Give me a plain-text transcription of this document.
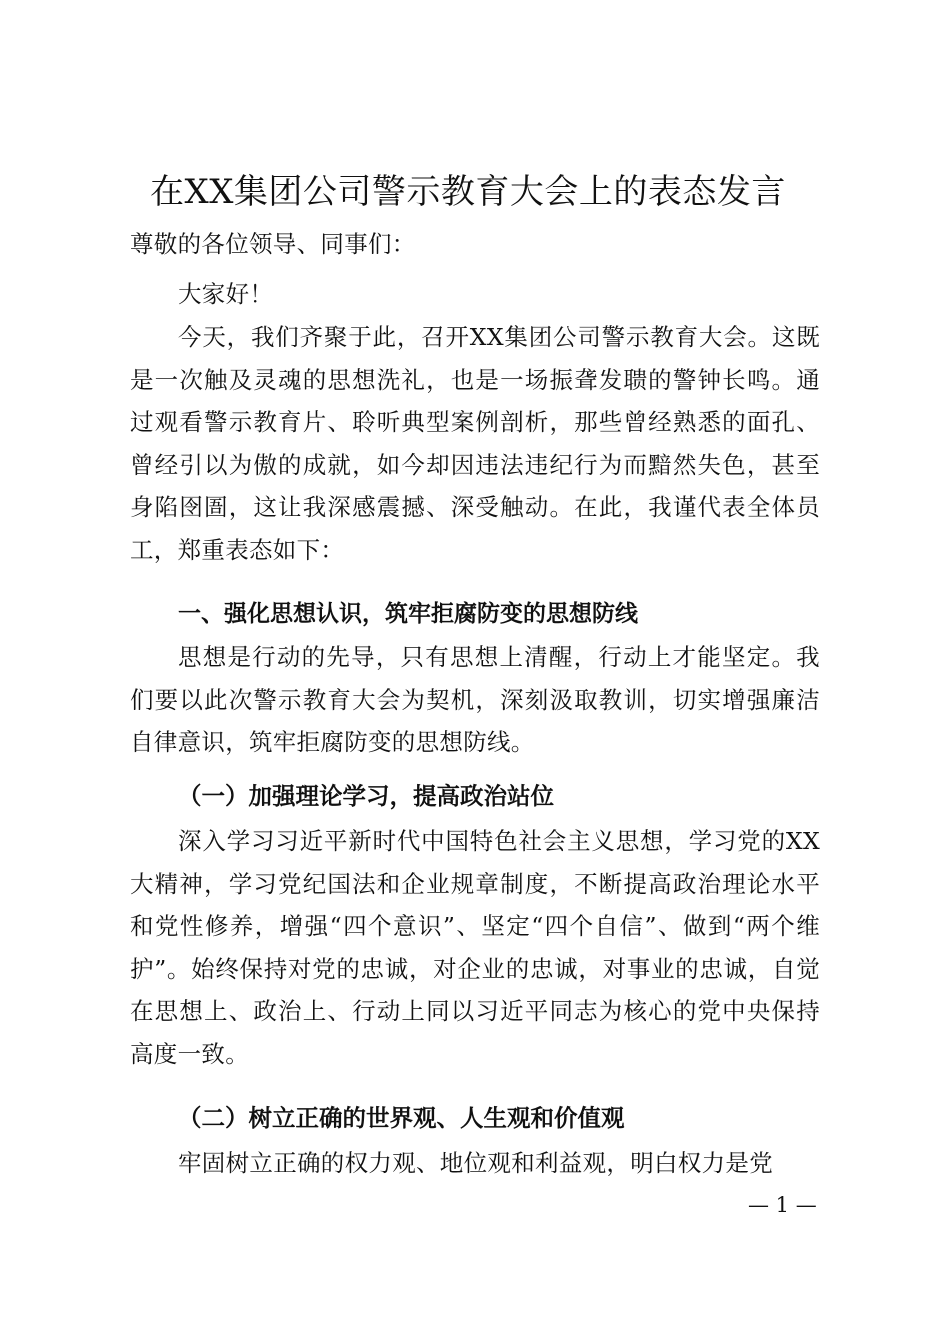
在XX集团公司警示教育大会上的表态发言
尊敬的各位领导、同事们：
大家好！
今天，我们齐聚于此，召开XX集团公司警示教育大会。这既是一次触及灵魂的思想洗礼，也是一场振聋发聩的警钟长鸣。通过观看警示教育片、聆听典型案例剖析，那些曾经熟悉的面孔、曾经引以为傲的成就，如今却因违法违纪行为而黯然失色，甚至身陷囹圄，这让我深感震撼、深受触动。在此，我谨代表全体员工，郑重表态如下：
一、强化思想认识，筑牢拒腐防变的思想防线
思想是行动的先导，只有思想上清醒，行动上才能坚定。我们要以此次警示教育大会为契机，深刻汲取教训，切实增强廉洁自律意识，筑牢拒腐防变的思想防线。
（一）加强理论学习，提高政治站位
深入学习习近平新时代中国特色社会主义思想，学习党的XX大精神，学习党纪国法和企业规章制度，不断提高政治理论水平和党性修养，增强“四个意识”、坚定“四个自信”、做到“两个维护”。始终保持对党的忠诚，对企业的忠诚，对事业的忠诚，自觉在思想上、政治上、行动上同以习近平同志为核心的党中央保持高度一致。
（二）树立正确的世界观、人生观和价值观
牢固树立正确的权力观、地位观和利益观，明白权力是党
— 1 —
